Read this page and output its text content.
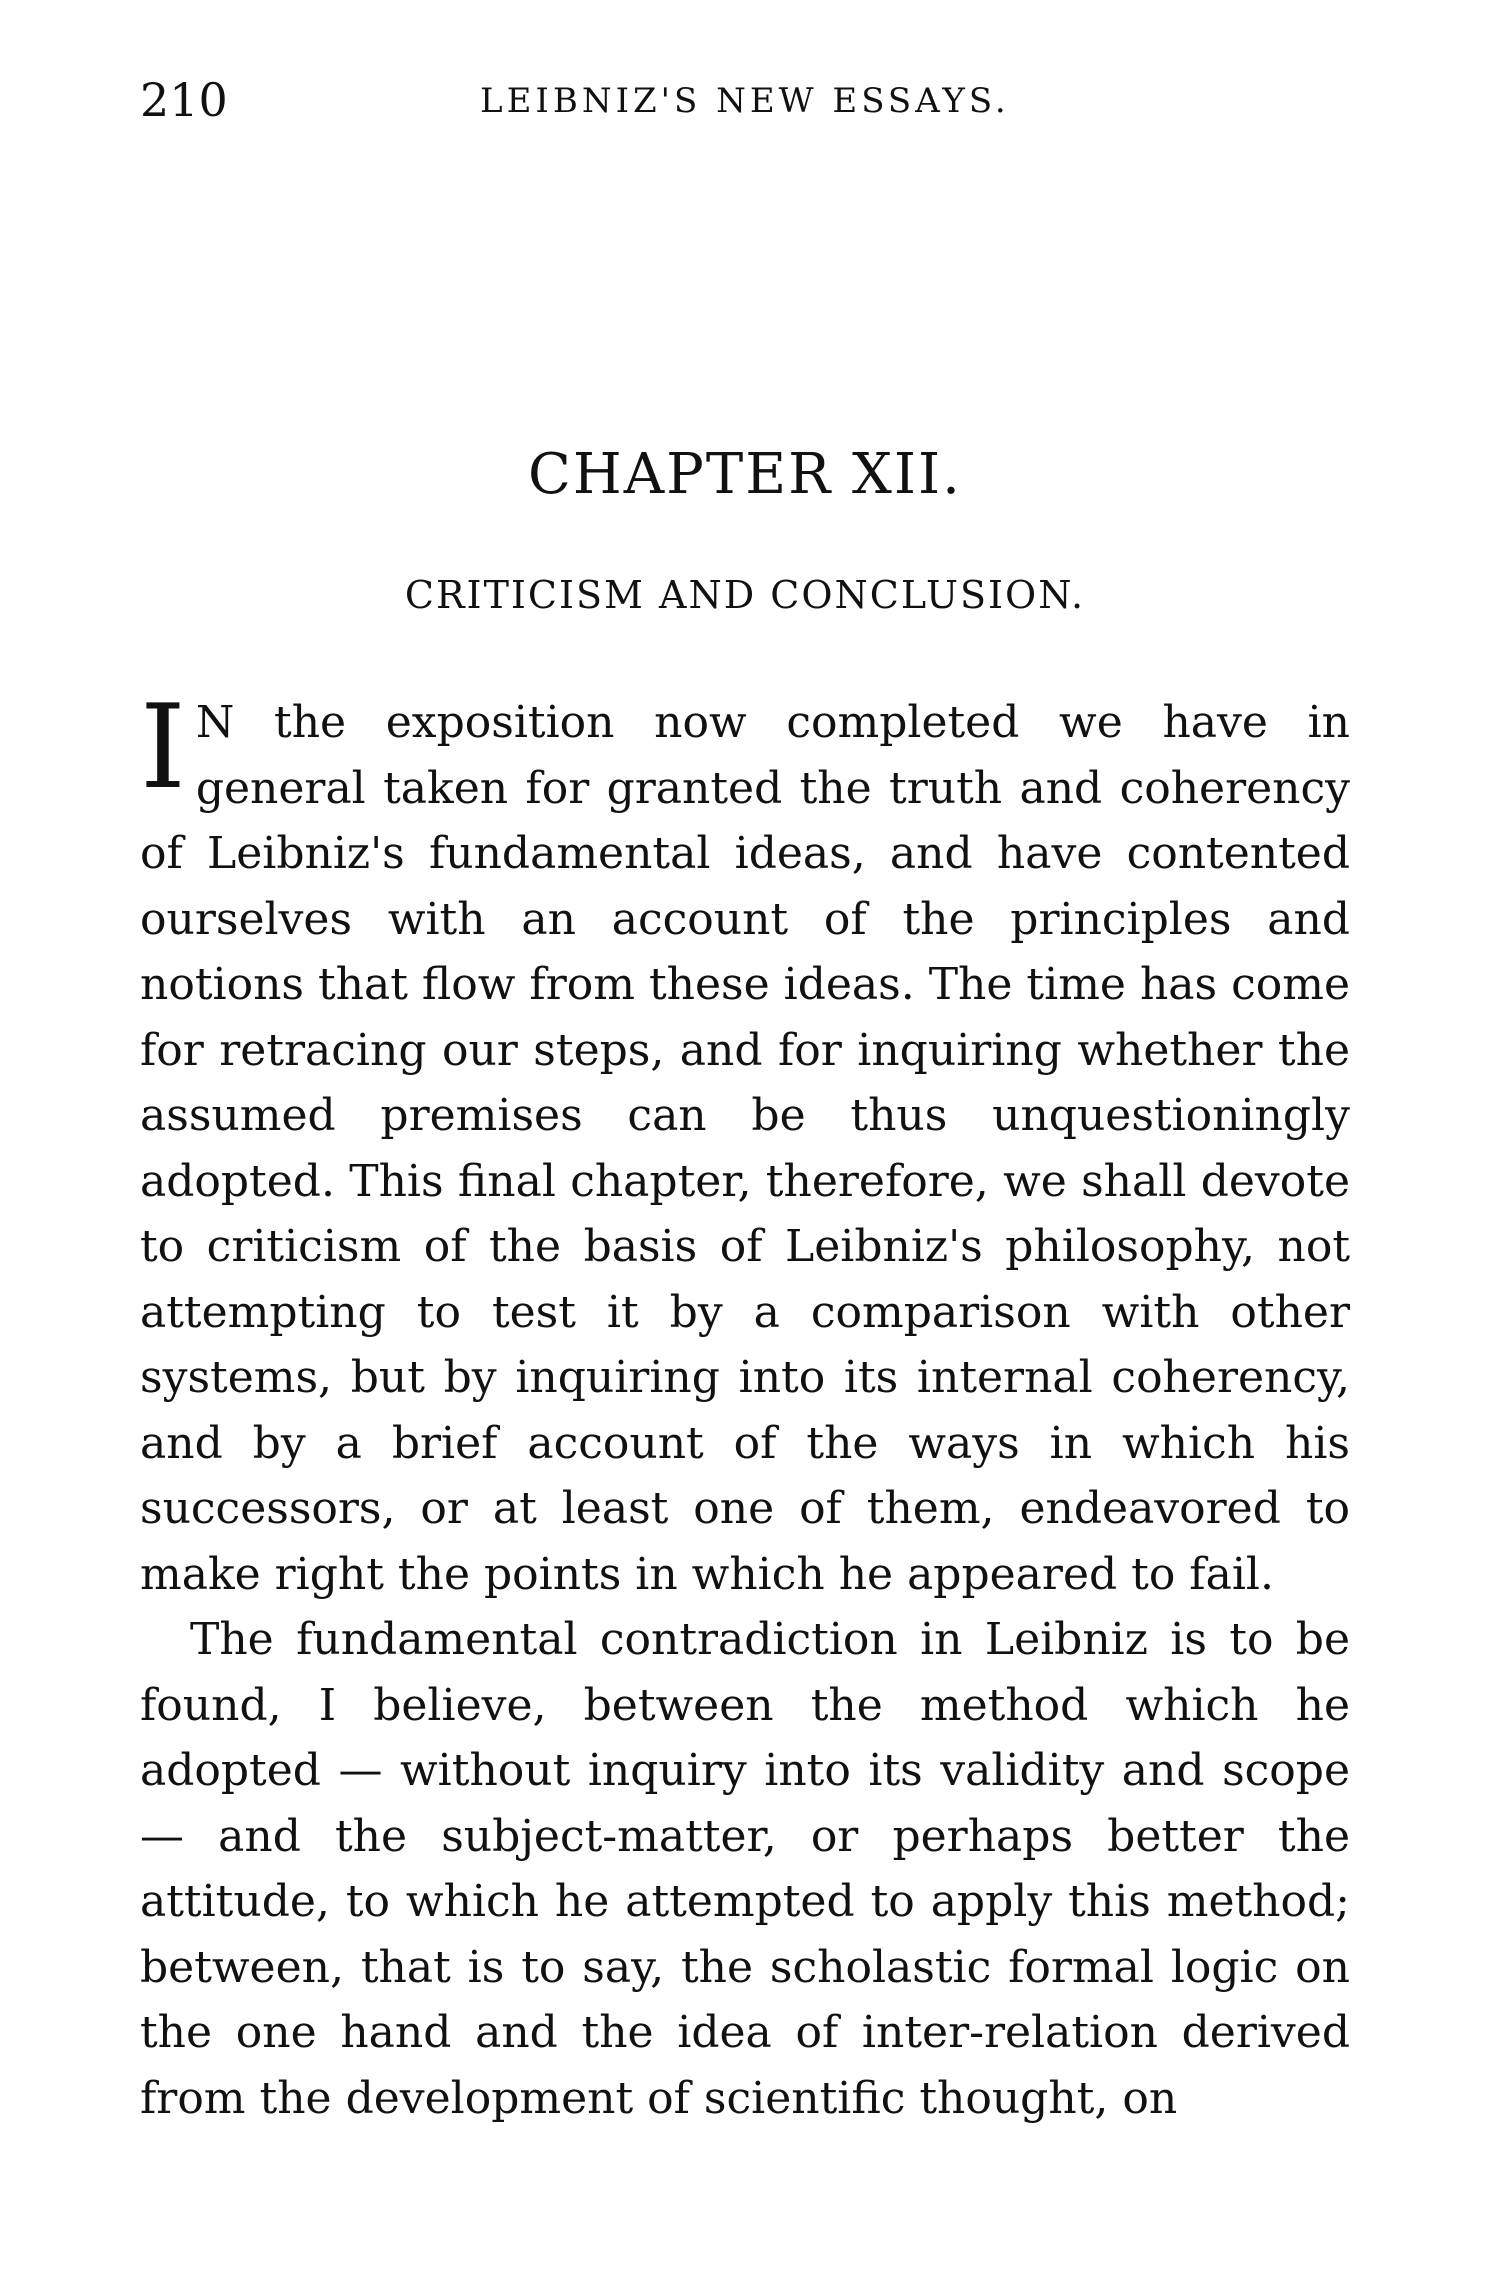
210	LEIBNIZ'S NEW ESSAYS.
CHAPTER XII.
CRITICISM AND CONCLUSION.

I N the exposition now completed we have in general taken for granted the truth and coherency of Leibniz's fundamental ideas, and have contented ourselves with an account of the principles and notions that flow from these ideas. The time has come for retracing our steps, and for inquiring whether the assumed premises can be thus unquestioningly adopted. This final chapter, therefore, we shall devote to criticism of the basis of Leibniz's philosophy, not attempting to test it by a comparison with other systems, but by inquiring into its internal coherency, and by a brief account of the ways in which his successors, or at least one of them, endeavored to make right the points in which he appeared to fail.

The fundamental contradiction in Leibniz is to be found, I believe, between the method which he adopted — without inquiry into its validity and scope — and the subject-matter, or perhaps better the attitude, to which he attempted to apply this method; between, that is to say, the scholastic formal logic on the one hand and the idea of inter-relation derived from the development of scientific thought, on
